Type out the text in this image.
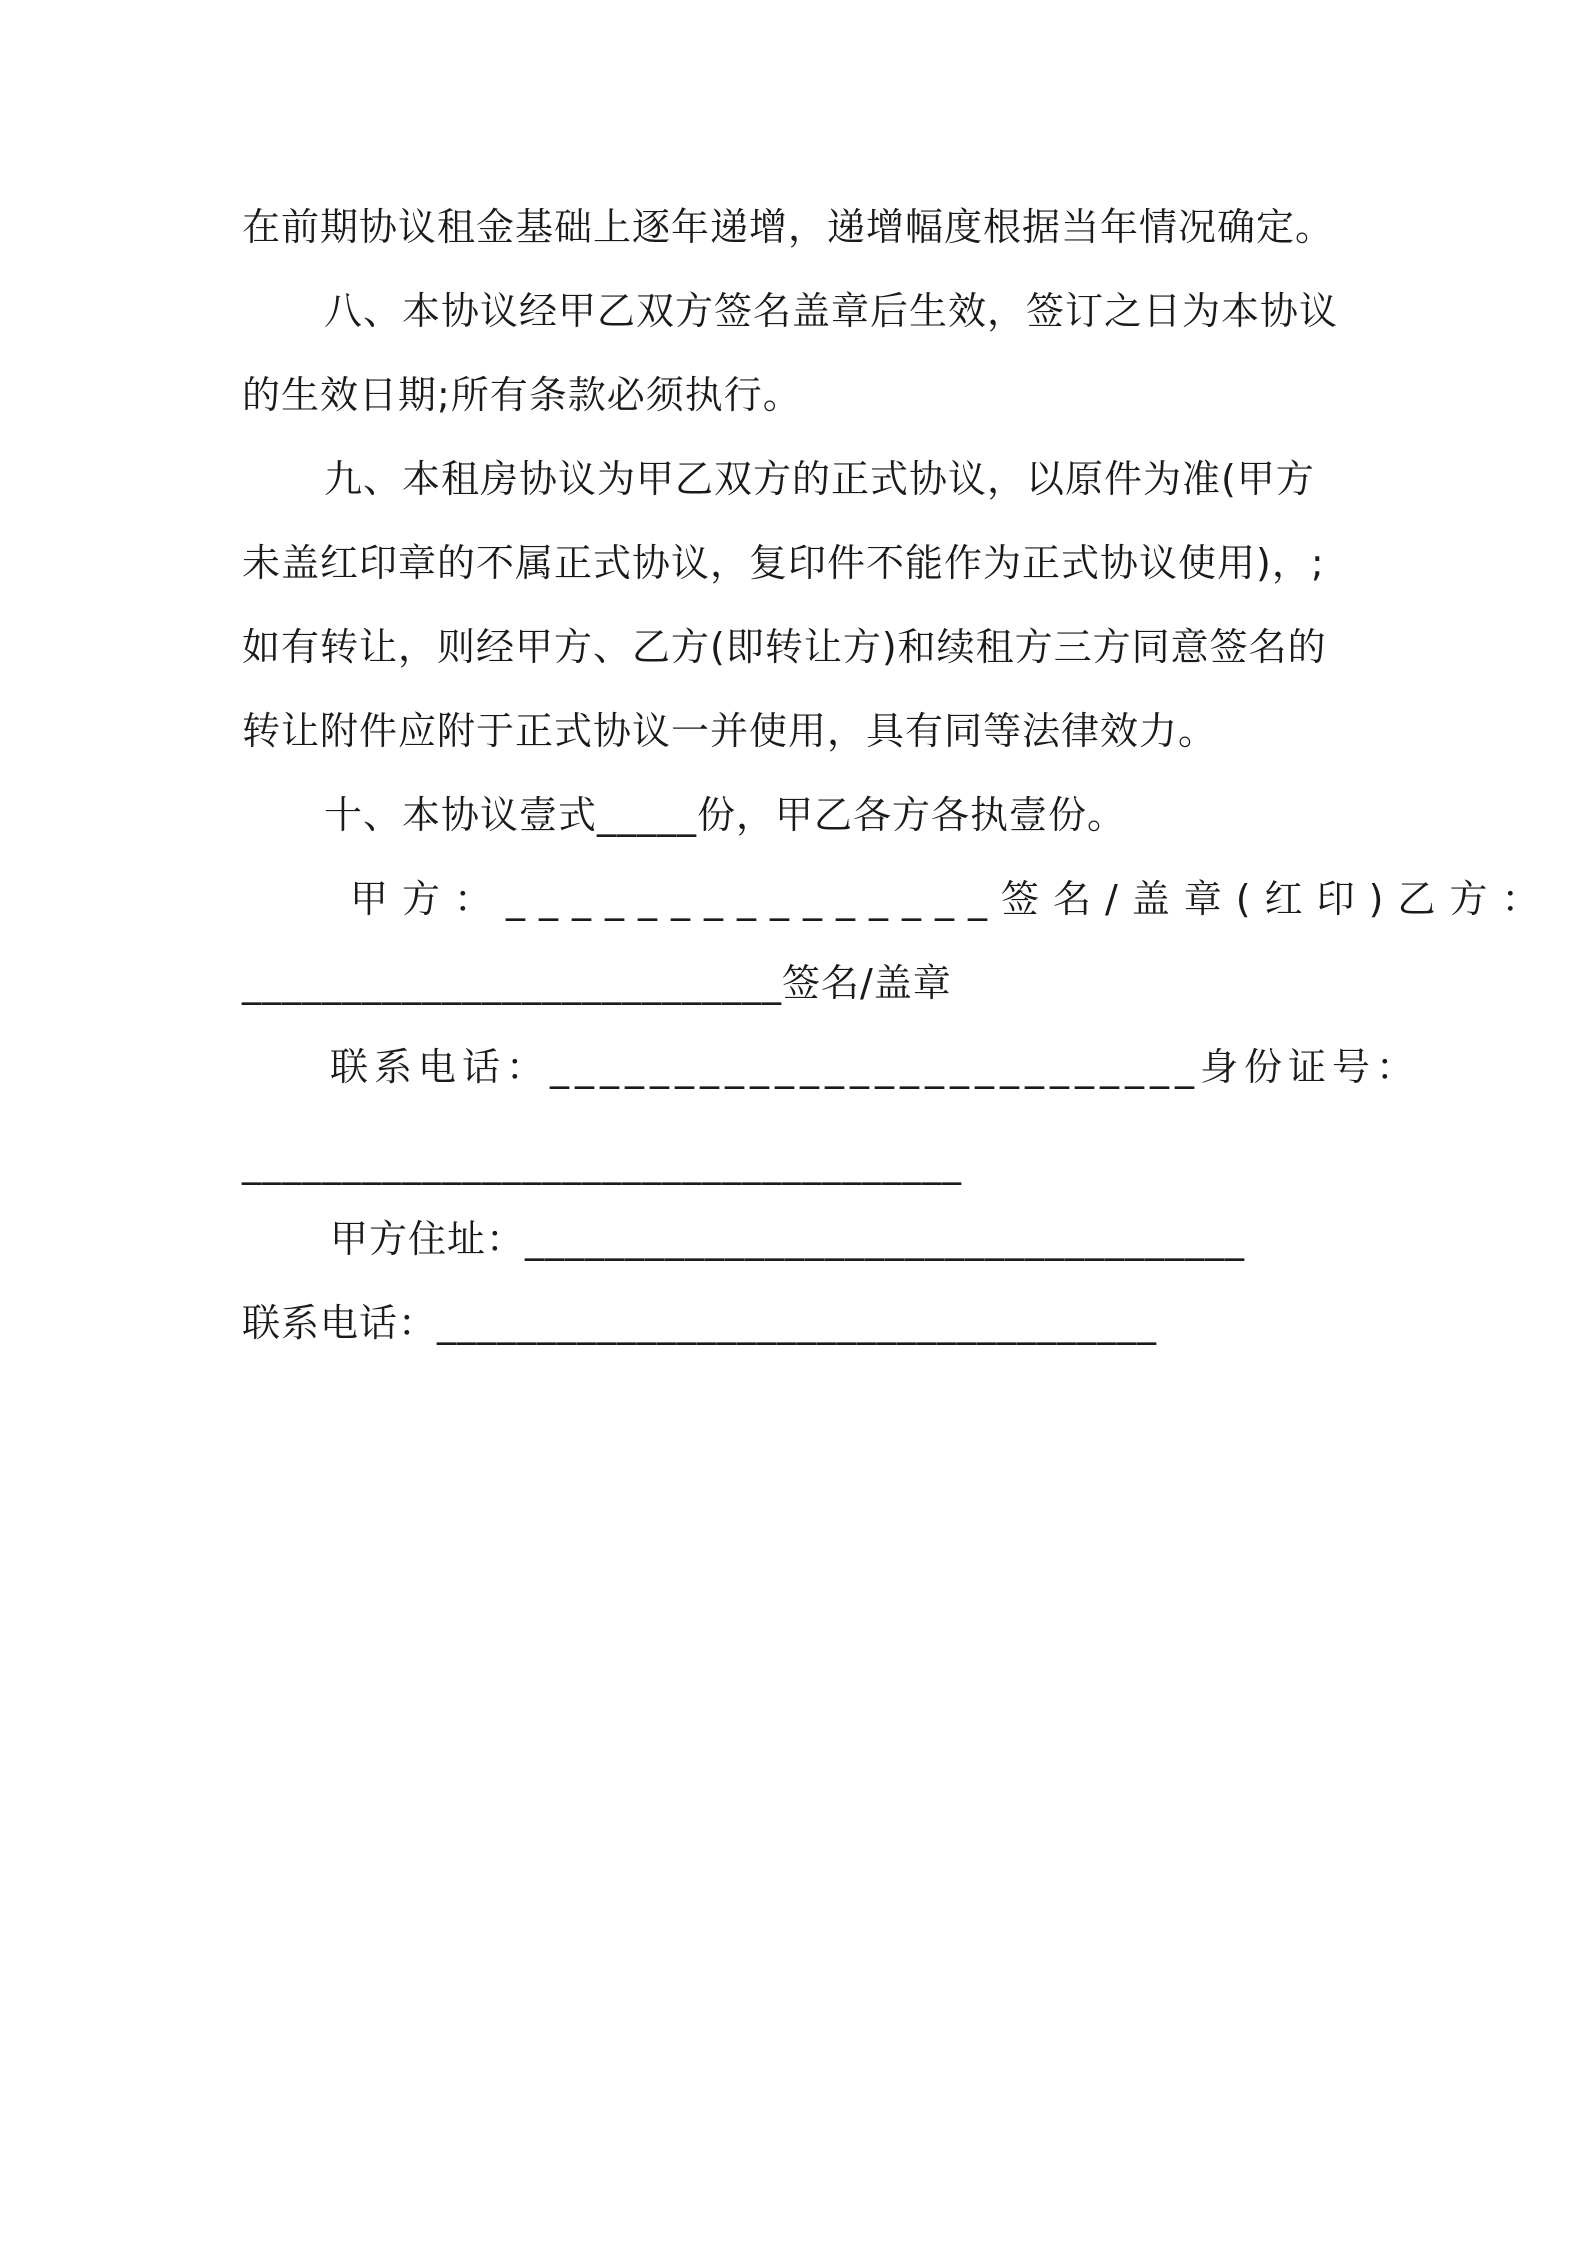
在前期协议租金基础上逐年递增，递增幅度根据当年情况确定。
八、本协议经甲乙双方签名盖章后生效，签订之日为本协议
的生效日期;所有条款必须执行。
九、本租房协议为甲乙双方的正式协议，以原件为准(甲方
未盖红印章的不属正式协议，复印件不能作为正式协议使用)，;
如有转让，则经甲方、乙方(即转让方)和续租方三方同意签名的
转让附件应附于正式协议一并使用，具有同等法律效力。
十、本协议壹式_____份，甲乙各方各执壹份。
甲方：_______________签名/盖章(红印)乙方：
___________________________签名/盖章
联系电话：__________________________身份证号：
____________________________________
甲方住址：____________________________________
联系电话：____________________________________
